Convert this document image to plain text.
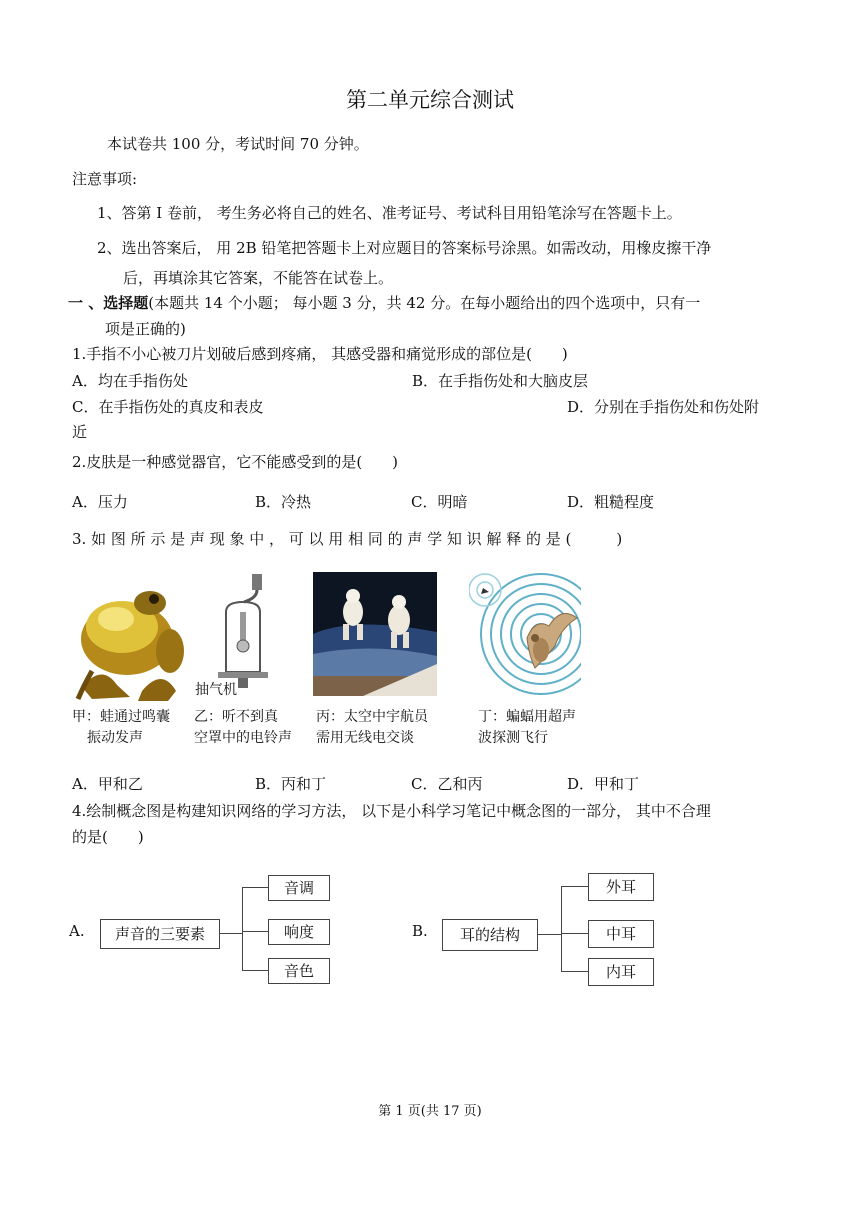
第二单元综合测试
本试卷共 100 分，考试时间 70 分钟。
注意事项:
1、答第 I 卷前， 考生务必将自己的姓名、准考证号、考试科目用铅笔涂写在答题卡上。
2、选出答案后， 用 2B 铅笔把答题卡上对应题目的答案标号涂黑。如需改动，用橡皮擦干净
后，再填涂其它答案，不能答在试卷上。
一 、选择题(本题共 14 个小题； 每小题 3 分，共 42 分。在每小题给出的四个选项中，只有一
项是正确的)
1.手指不小心被刀片划破后感到疼痛， 其感受器和痛觉形成的部位是(　　)
A．均在手指伤处	B．在手指伤处和大脑皮层
C．在手指伤处的真皮和表皮	D．分别在手指伤处和伤处附
近
2.皮肤是一种感觉器官，它不能感受到的是(　　)
A．压力	B．冷热	C．明暗	D．粗糙程度
3. 如 图 所 示 是 声 现 象 中 ， 可 以 用 相 同 的 声 学 知 识 解 释 的 是 (　　　)
抽气机
甲：蛙通过鸣囊
振动发声
乙：听不到真
空罩中的电铃声
丙：太空中宇航员
需用无线电交谈
丁：蝙蝠用超声
波探测飞行
A．甲和乙	B．丙和丁	C．乙和丙	D．甲和丁
4.绘制概念图是构建知识网络的学习方法， 以下是小科学习笔记中概念图的一部分， 其中不合理
的是(　　)
A.	声音的三要素
音调
响度
音色
B.	耳的结构
外耳
中耳
内耳
第 1 页(共 17 页)
